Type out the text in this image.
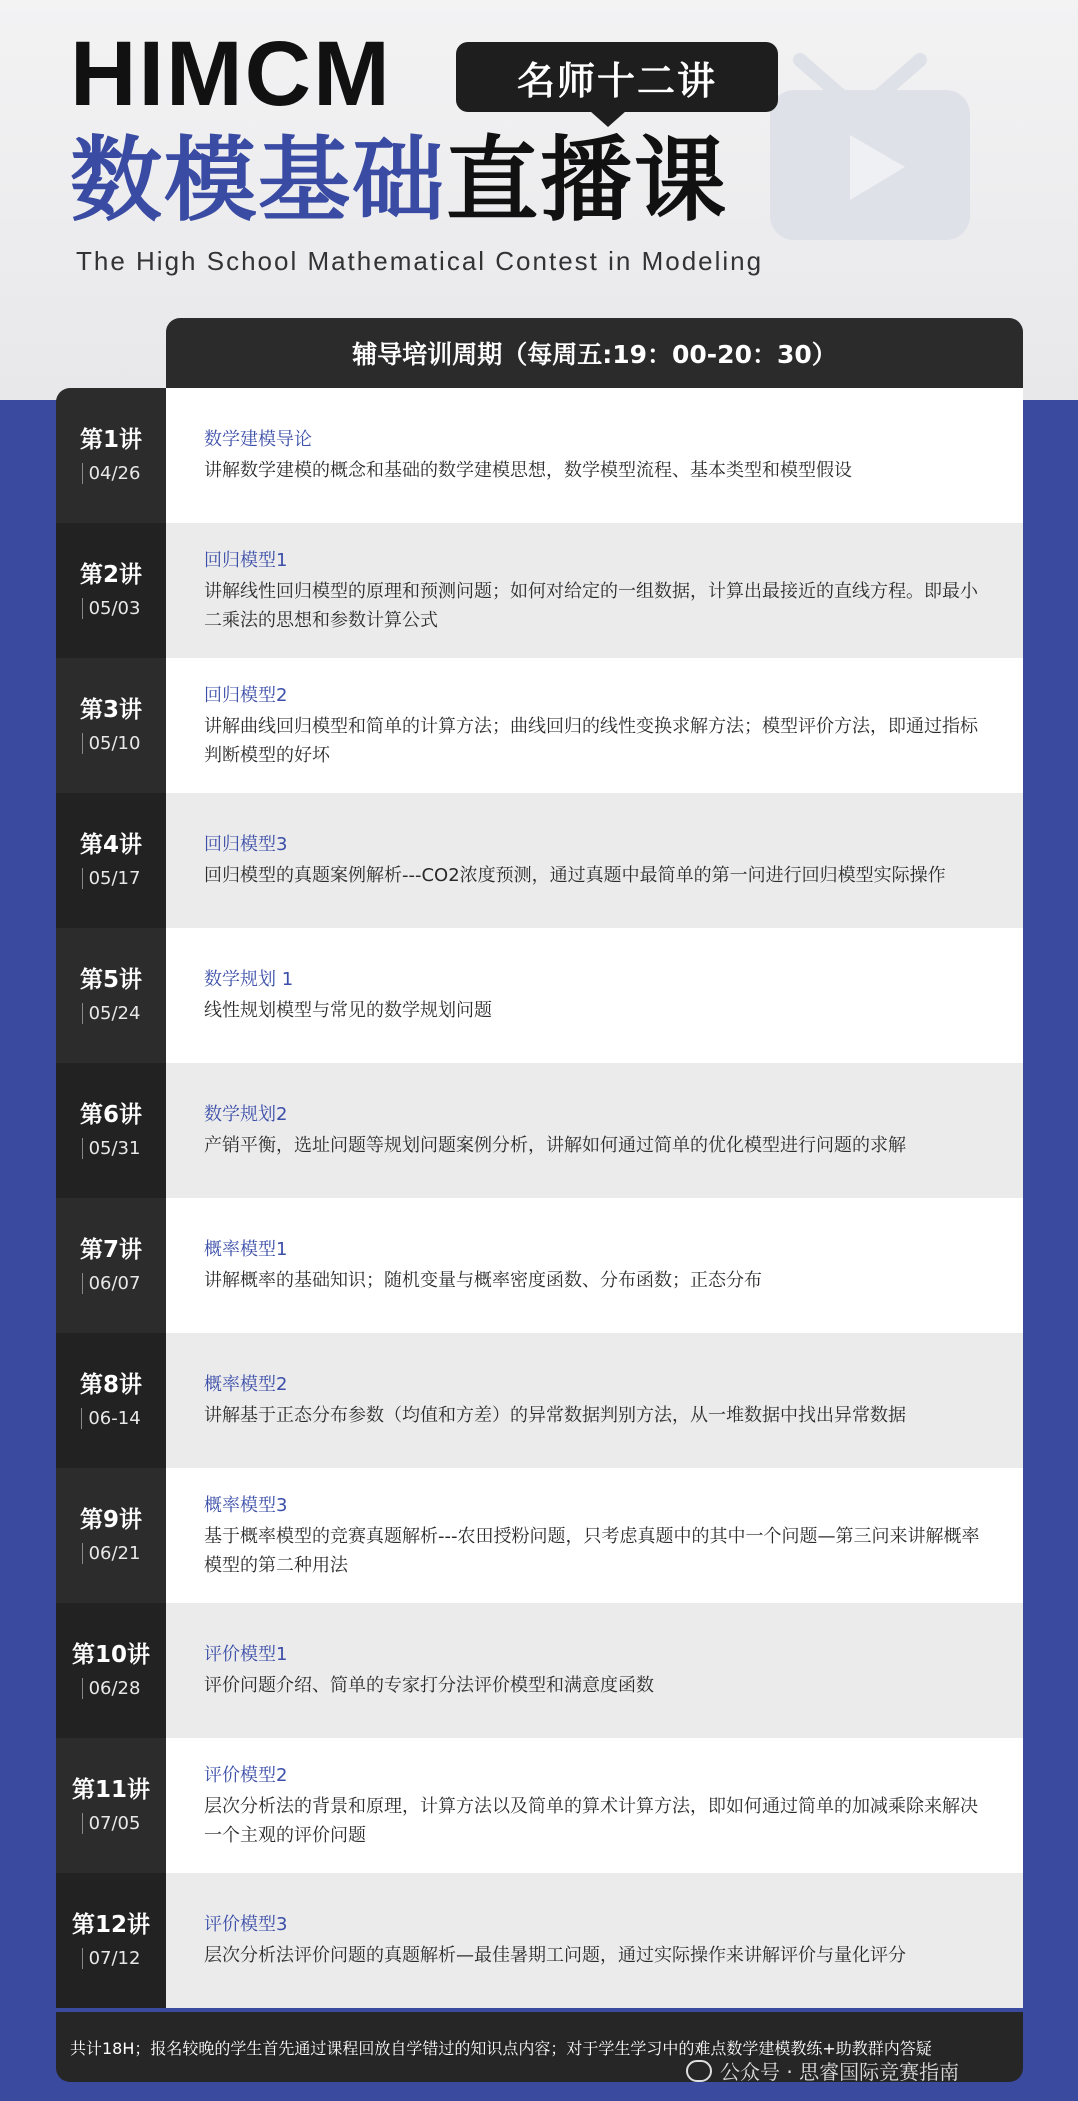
HIMCM	名师十二讲
数模基础直播课
The High School Mathematical Contest in Modeling
辅导培训周期（每周五:19：00-20：30）
第1讲
04/26
数学建模导论
讲解数学建模的概念和基础的数学建模思想，数学模型流程、基本类型和模型假设
第2讲
05/03
回归模型1
讲解线性回归模型的原理和预测问题；如何对给定的一组数据，计算出最接近的直线方程。即最小二乘法的思想和参数计算公式
第3讲
05/10
回归模型2
讲解曲线回归模型和简单的计算方法；曲线回归的线性变换求解方法；模型评价方法，即通过指标判断模型的好坏
第4讲
05/17
回归模型3
回归模型的真题案例解析---CO2浓度预测，通过真题中最简单的第一问进行回归模型实际操作
第5讲
05/24
数学规划 1
线性规划模型与常见的数学规划问题
第6讲
05/31
数学规划2
产销平衡，选址问题等规划问题案例分析，讲解如何通过简单的优化模型进行问题的求解
第7讲
06/07
概率模型1
讲解概率的基础知识；随机变量与概率密度函数、分布函数；正态分布
第8讲
06-14
概率模型2
讲解基于正态分布参数（均值和方差）的异常数据判别方法，从一堆数据中找出异常数据
第9讲
06/21
概率模型3
基于概率模型的竞赛真题解析---农田授粉问题，只考虑真题中的其中一个问题—第三问来讲解概率模型的第二种用法
第10讲
06/28
评价模型1
评价问题介绍、简单的专家打分法评价模型和满意度函数
第11讲
07/05
评价模型2
层次分析法的背景和原理，计算方法以及简单的算术计算方法，即如何通过简单的加减乘除来解决一个主观的评价问题
第12讲
07/12
评价模型3
层次分析法评价问题的真题解析—最佳暑期工问题，通过实际操作来讲解评价与量化评分
共计18H；报名较晚的学生首先通过课程回放自学错过的知识点内容；对于学生学习中的难点数学建模教练+助教群内答疑
公众号 · 思睿国际竞赛指南
